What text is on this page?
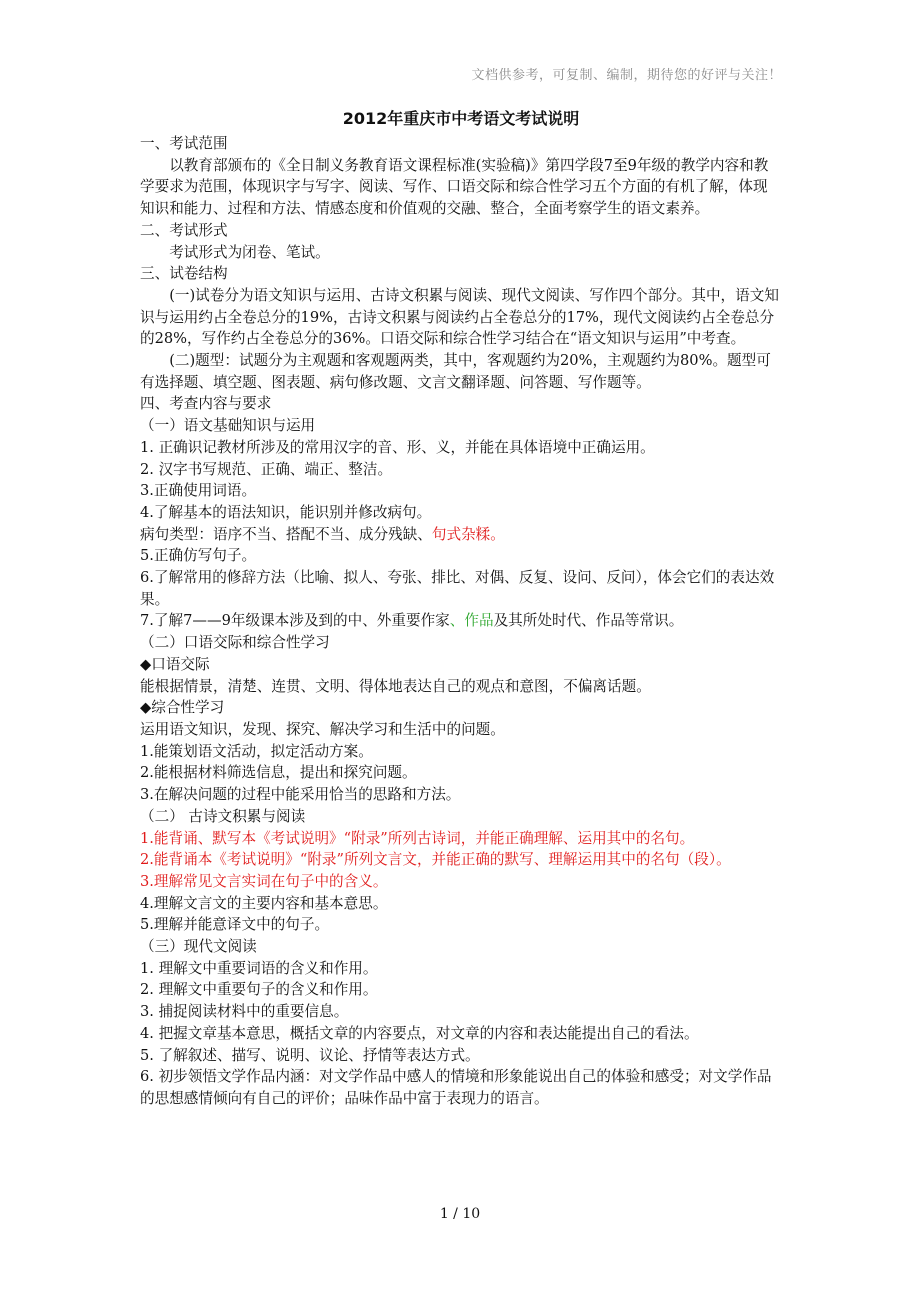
文档供参考，可复制、编制，期待您的好评与关注！
2012年重庆市中考语文考试说明

一、考试范围

以教育部颁布的《全日制义务教育语文课程标准(实验稿)》第四学段7至9年级的教学内容和教学要求为范围，体现识字与写字、阅读、写作、口语交际和综合性学习五个方面的有机了解，体现知识和能力、过程和方法、情感态度和价值观的交融、整合，全面考察学生的语文素养。

二、考试形式

考试形式为闭卷、笔试。

三、试卷结构

(一)试卷分为语文知识与运用、古诗文积累与阅读、现代文阅读、写作四个部分。其中，语文知识与运用约占全卷总分的19%，古诗文积累与阅读约占全卷总分的17%，现代文阅读约占全卷总分的28%，写作约占全卷总分的36%。口语交际和综合性学习结合在“语文知识与运用”中考查。

(二)题型：试题分为主观题和客观题两类，其中，客观题约为20%，主观题约为80%。题型可有选择题、填空题、图表题、病句修改题、文言文翻译题、问答题、写作题等。

四、考查内容与要求

（一）语文基础知识与运用

1. 正确识记教材所涉及的常用汉字的音、形、义，并能在具体语境中正确运用。

2. 汉字书写规范、正确、端正、整洁。

3.正确使用词语。

4.了解基本的语法知识，能识别并修改病句。

病句类型：语序不当、搭配不当、成分残缺、句式杂糅。

5.正确仿写句子。

6.了解常用的修辞方法（比喻、拟人、夸张、排比、对偶、反复、设问、反问），体会它们的表达效果。

7.了解7——9年级课本涉及到的中、外重要作家、作品及其所处时代、作品等常识。

（二）口语交际和综合性学习

◆口语交际

能根据情景，清楚、连贯、文明、得体地表达自己的观点和意图，不偏离话题。

◆综合性学习

运用语文知识，发现、探究、解决学习和生活中的问题。

1.能策划语文活动，拟定活动方案。

2.能根据材料筛选信息，提出和探究问题。

3.在解决问题的过程中能采用恰当的思路和方法。

（二） 古诗文积累与阅读

1.能背诵、默写本《考试说明》“附录”所列古诗词，并能正确理解、运用其中的名句。

2.能背诵本《考试说明》“附录”所列文言文，并能正确的默写、理解运用其中的名句（段）。

3.理解常见文言实词在句子中的含义。

4.理解文言文的主要内容和基本意思。

5.理解并能意译文中的句子。

（三）现代文阅读

1. 理解文中重要词语的含义和作用。

2. 理解文中重要句子的含义和作用。

3. 捕捉阅读材料中的重要信息。

4. 把握文章基本意思，概括文章的内容要点，对文章的内容和表达能提出自己的看法。

5. 了解叙述、描写、说明、议论、抒情等表达方式。

6. 初步领悟文学作品内涵：对文学作品中感人的情境和形象能说出自己的体验和感受；对文学作品的思想感情倾向有自己的评价；品味作品中富于表现力的语言。

1 / 10
